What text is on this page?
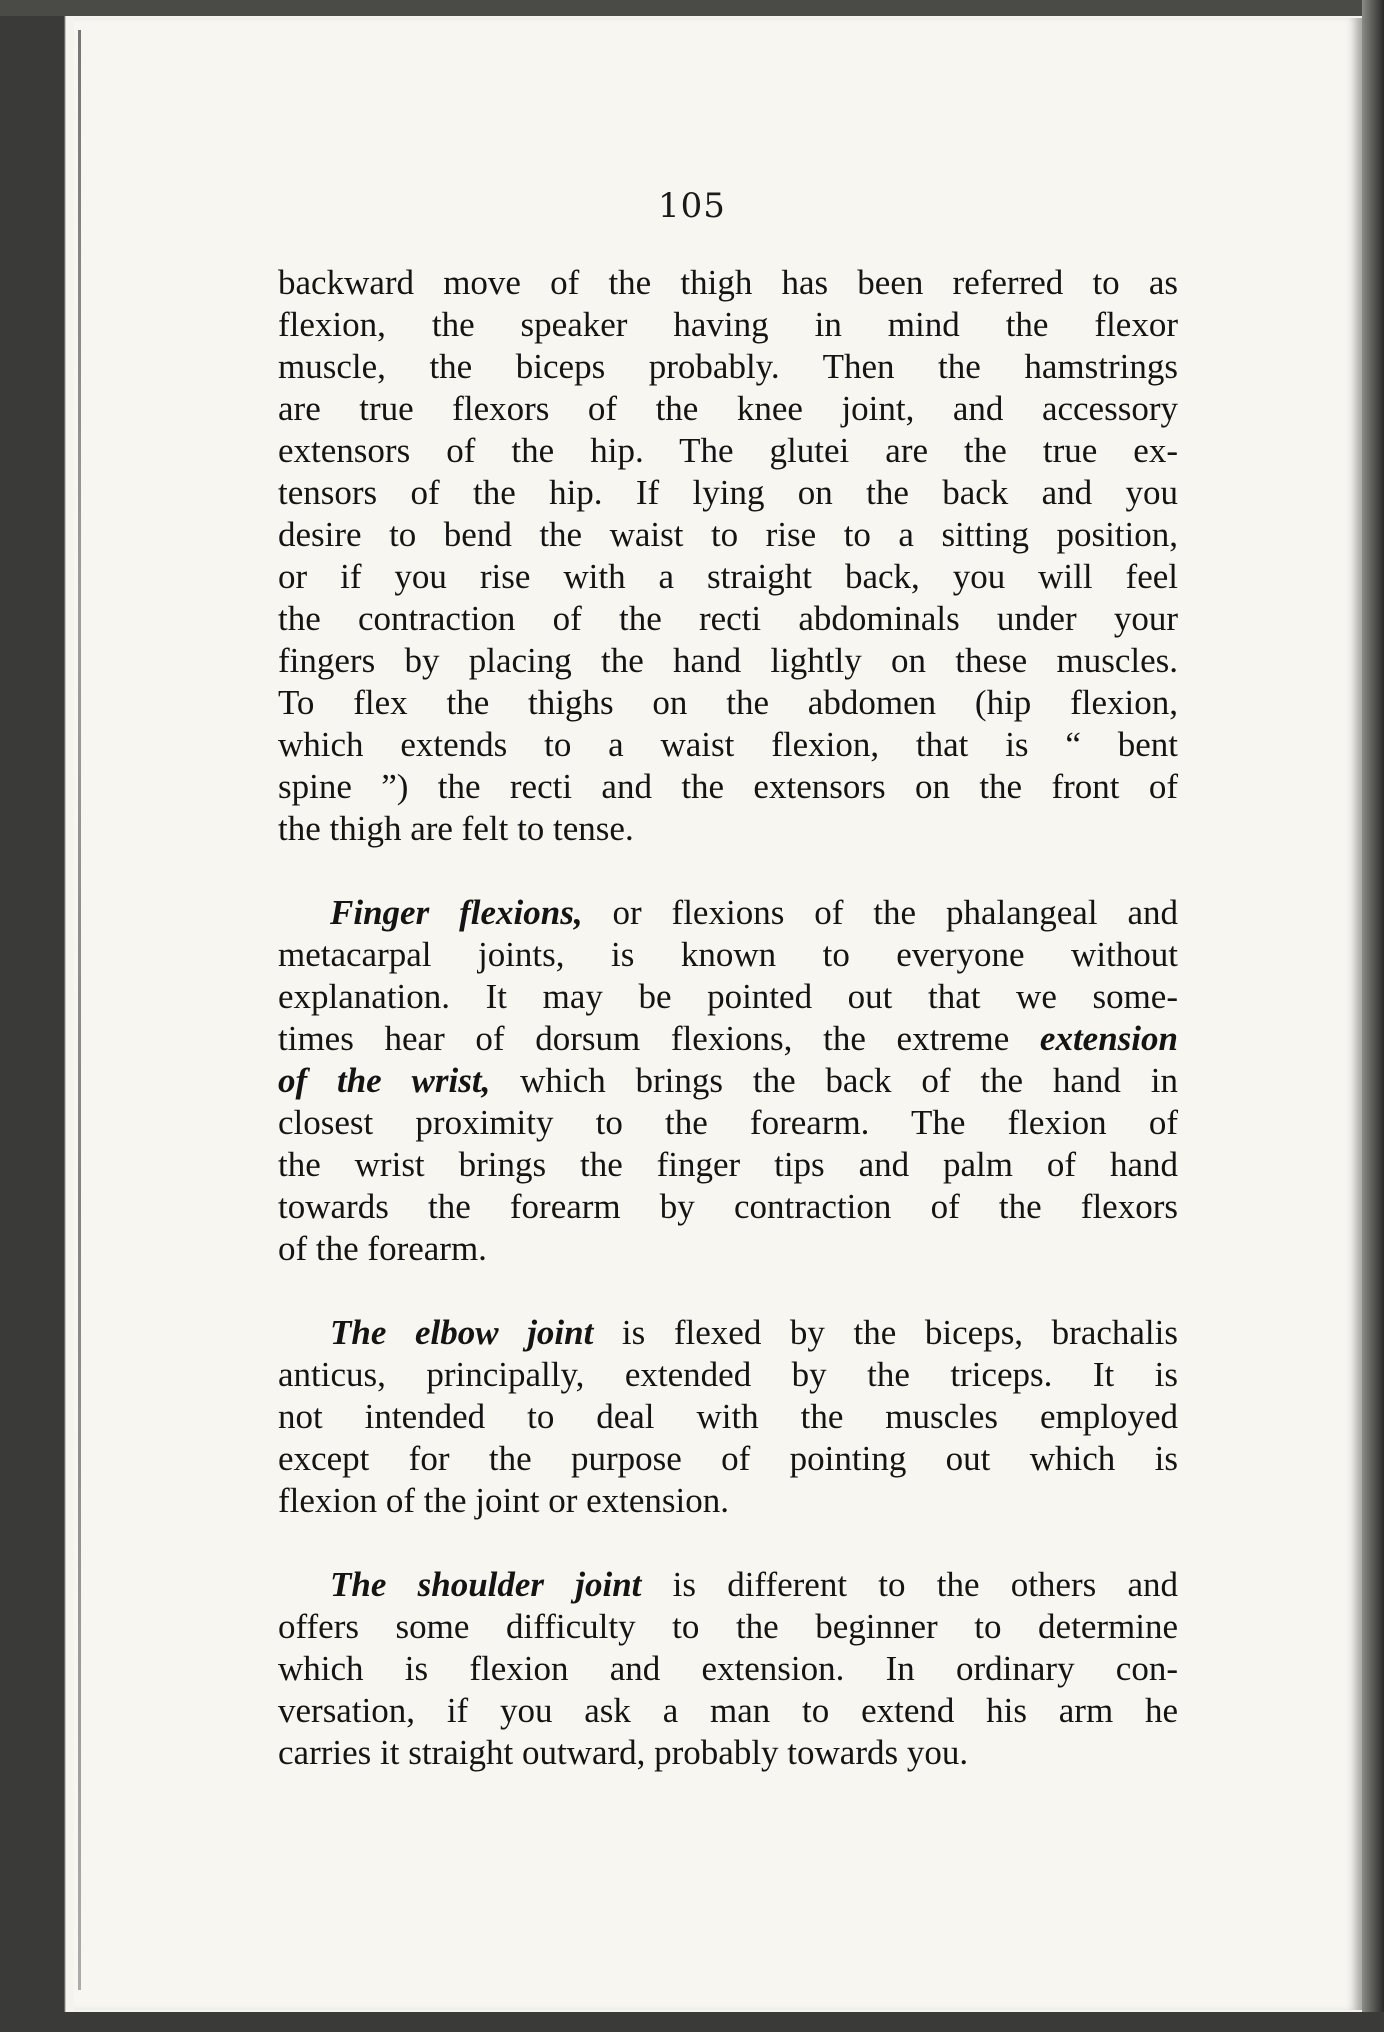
105

backward move of the thigh has been referred to as
flexion, the speaker having in mind the flexor
muscle, the biceps probably. Then the hamstrings
are true flexors of the knee joint, and accessory
extensors of the hip. The glutei are the true ex-
tensors of the hip. If lying on the back and you
desire to bend the waist to rise to a sitting position,
or if you rise with a straight back, you will feel
the contraction of the recti abdominals under your
fingers by placing the hand lightly on these muscles.
To flex the thighs on the abdomen (hip flexion,
which extends to a waist flexion, that is “ bent
spine ”) the recti and the extensors on the front of
the thigh are felt to tense.

Finger flexions, or flexions of the phalangeal and
metacarpal joints, is known to everyone without
explanation. It may be pointed out that we some-
times hear of dorsum flexions, the extreme extension
of the wrist, which brings the back of the hand in
closest proximity to the forearm. The flexion of
the wrist brings the finger tips and palm of hand
towards the forearm by contraction of the flexors
of the forearm.

The elbow joint is flexed by the biceps, brachalis
anticus, principally, extended by the triceps. It is
not intended to deal with the muscles employed
except for the purpose of pointing out which is
flexion of the joint or extension.

The shoulder joint is different to the others and
offers some difficulty to the beginner to determine
which is flexion and extension. In ordinary con-
versation, if you ask a man to extend his arm he
carries it straight outward, probably towards you.
